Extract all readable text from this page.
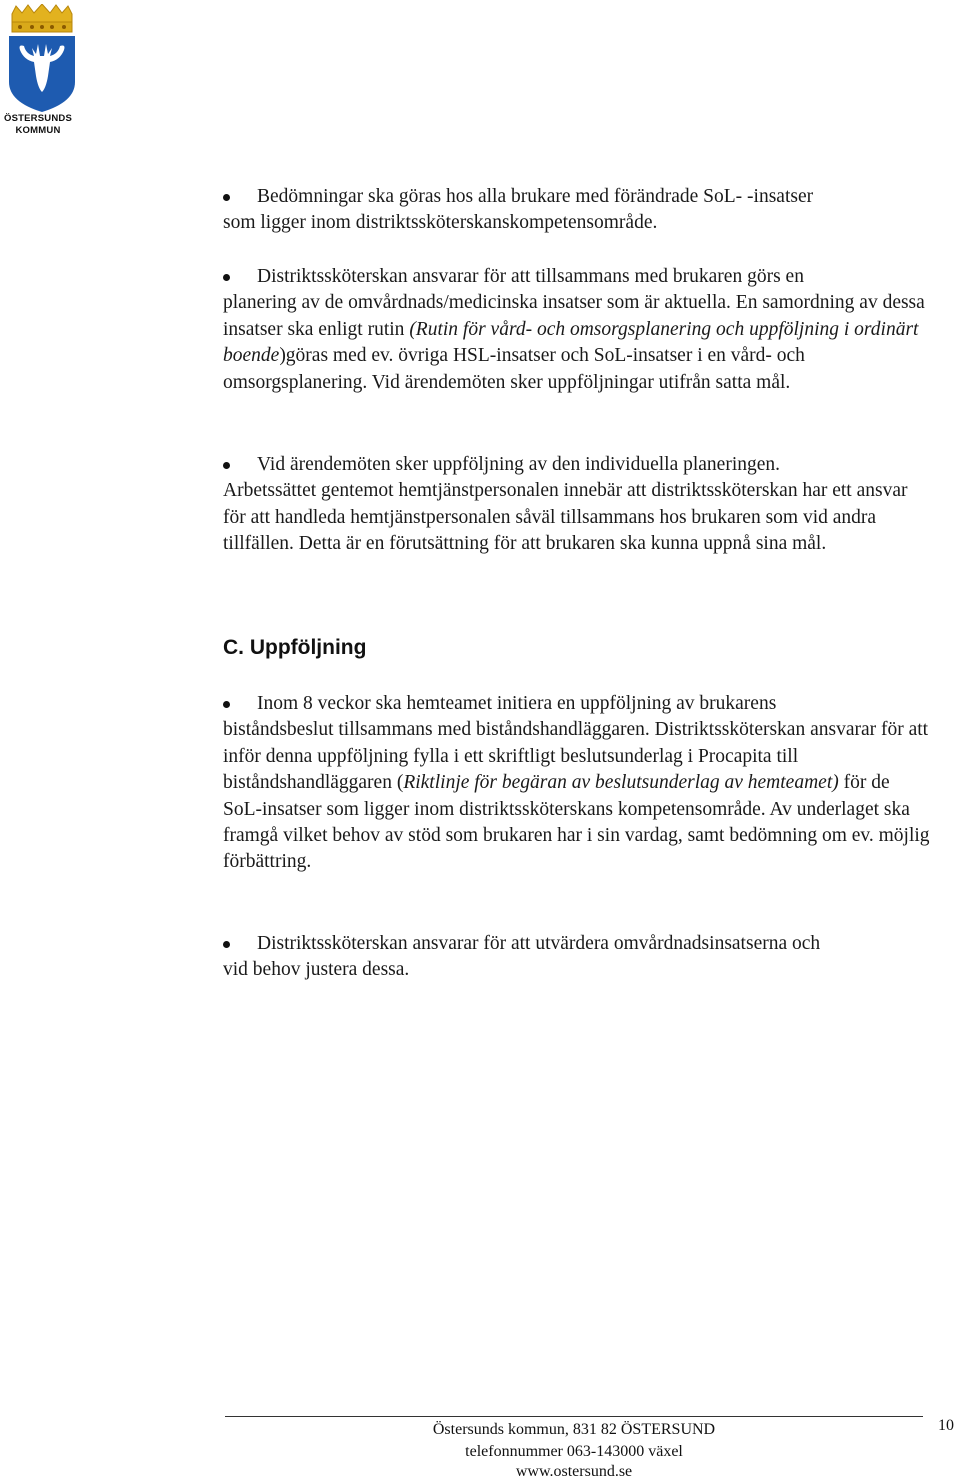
ÖSTERSUNDS
KOMMUN

Bedömningar ska göras hos alla brukare med förändrade SoL- -insatser
som ligger inom distriktssköterskanskompetensområde.

Distriktssköterskan ansvarar för att tillsammans med brukaren görs en
planering av de omvårdnads/medicinska insatser som är aktuella. En samordning av dessa insatser ska enligt rutin (Rutin för vård- och omsorgsplanering och uppföljning i ordinärt boende)göras med ev. övriga HSL-insatser och SoL-insatser i en vård- och omsorgsplanering. Vid ärendemöten sker uppföljningar utifrån satta mål.

Vid ärendemöten sker uppföljning av den individuella planeringen.
Arbetssättet gentemot hemtjänstpersonalen innebär att distriktssköterskan har ett ansvar för att handleda hemtjänstpersonalen såväl tillsammans hos brukaren som vid andra tillfällen. Detta är en förutsättning för att brukaren ska kunna uppnå sina mål.

C. Uppföljning

Inom 8 veckor ska hemteamet initiera en uppföljning av brukarens
biståndsbeslut tillsammans med biståndshandläggaren. Distriktssköterskan ansvarar för att inför denna uppföljning fylla i ett skriftligt beslutsunderlag i Procapita till biståndshandläggaren (Riktlinje för begäran av beslutsunderlag av hemteamet) för de SoL-insatser som ligger inom distriktssköterskans kompetensområde. Av underlaget ska framgå vilket behov av stöd som brukaren har i sin vardag, samt bedömning om ev. möjlig förbättring.

Distriktssköterskan ansvarar för att utvärdera omvårdnadsinsatserna och
vid behov justera dessa.

Östersunds kommun, 831 82 ÖSTERSUND
telefonnummer 063-143000 växel
www.ostersund.se
10
